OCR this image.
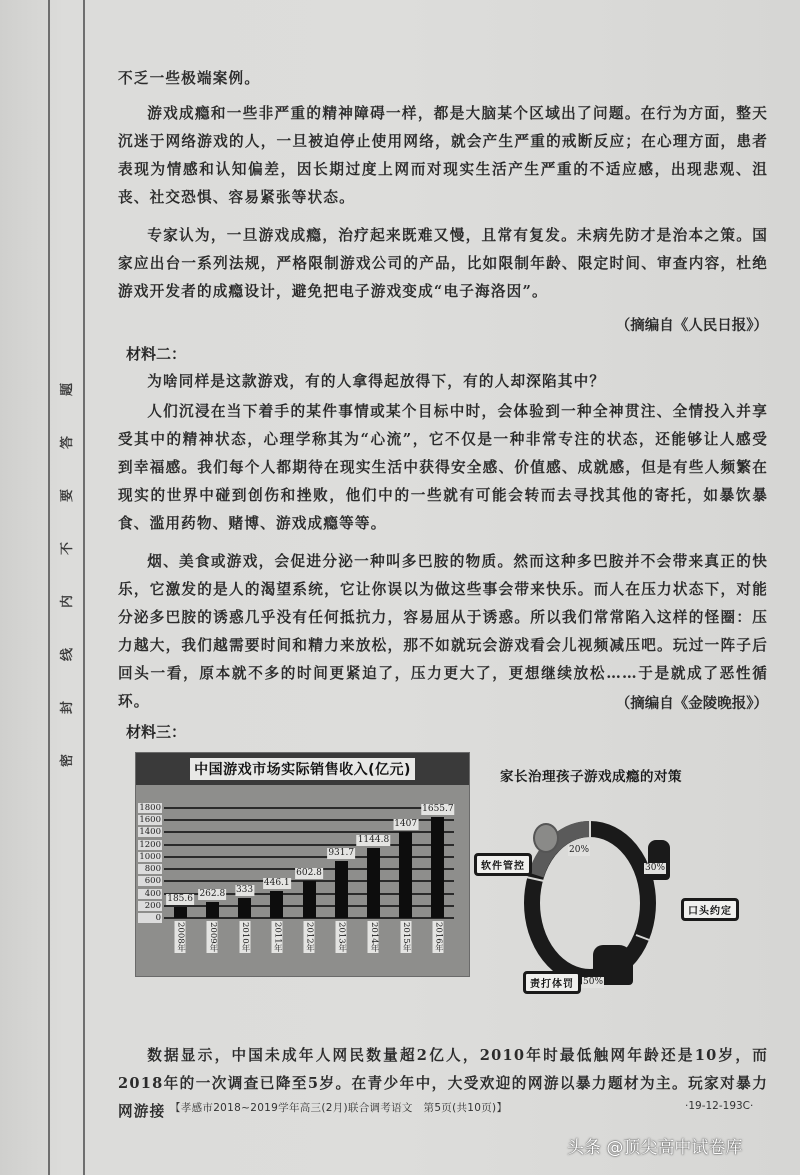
密
封
线
内
不
要
答
题

不乏一些极端案例。

游戏成瘾和一些非严重的精神障碍一样，都是大脑某个区域出了问题。在行为方面，整天沉迷于网络游戏的人，一旦被迫停止使用网络，就会产生严重的戒断反应；在心理方面，患者表现为情感和认知偏差，因长期过度上网而对现实生活产生严重的不适应感，出现悲观、沮丧、社交恐惧、容易紧张等状态。

专家认为，一旦游戏成瘾，治疗起来既难又慢，且常有复发。未病先防才是治本之策。国家应出台一系列法规，严格限制游戏公司的产品，比如限制年龄、限定时间、审查内容，杜绝游戏开发者的成瘾设计，避免把电子游戏变成“电子海洛因”。

（摘编自《人民日报》）

材料二：

为啥同样是这款游戏，有的人拿得起放得下，有的人却深陷其中？

人们沉浸在当下着手的某件事情或某个目标中时，会体验到一种全神贯注、全情投入并享受其中的精神状态，心理学称其为“心流”，它不仅是一种非常专注的状态，还能够让人感受到幸福感。我们每个人都期待在现实生活中获得安全感、价值感、成就感，但是有些人频繁在现实的世界中碰到创伤和挫败，他们中的一些就有可能会转而去寻找其他的寄托，如暴饮暴食、滥用药物、赌博、游戏成瘾等等。

烟、美食或游戏，会促进分泌一种叫多巴胺的物质。然而这种多巴胺并不会带来真正的快乐，它激发的是人的渴望系统，它让你误以为做这些事会带来快乐。而人在压力状态下，对能分泌多巴胺的诱惑几乎没有任何抵抗力，容易屈从于诱惑。所以我们常常陷入这样的怪圈：压力越大，我们越需要时间和精力来放松，那不如就玩会游戏看会儿视频减压吧。玩过一阵子后回头一看，原本就不多的时间更紧迫了，压力更大了，更想继续放松……于是就成了恶性循环。	（摘编自《金陵晚报》）

材料三：

数据显示，中国未成年人网民数量超2亿人，2010年时最低触网年龄还是10岁，而2018年的一次调查已降至5岁。在青少年中，大受欢迎的网游以暴力题材为主。玩家对暴力网游接

中国游戏市场实际销售收入(亿元)
0
200
400
600
800
1000
1200
1400
1600
1800
185.6
2008年
262.8
2009年
333
2010年
446.1
2011年
602.8
2012年
931.7
2013年
1144.8
2014年
1407
2015年
1655.7
2016年
家长治理孩子游戏成瘾的对策
软件管控
20%
口头约定
30%
责打体罚	50%
【孝感市2018~2019学年高三(2月)联合调考语文　第5页(共10页)】	·19-12-193C·
头条 @顶尖高中试卷库
